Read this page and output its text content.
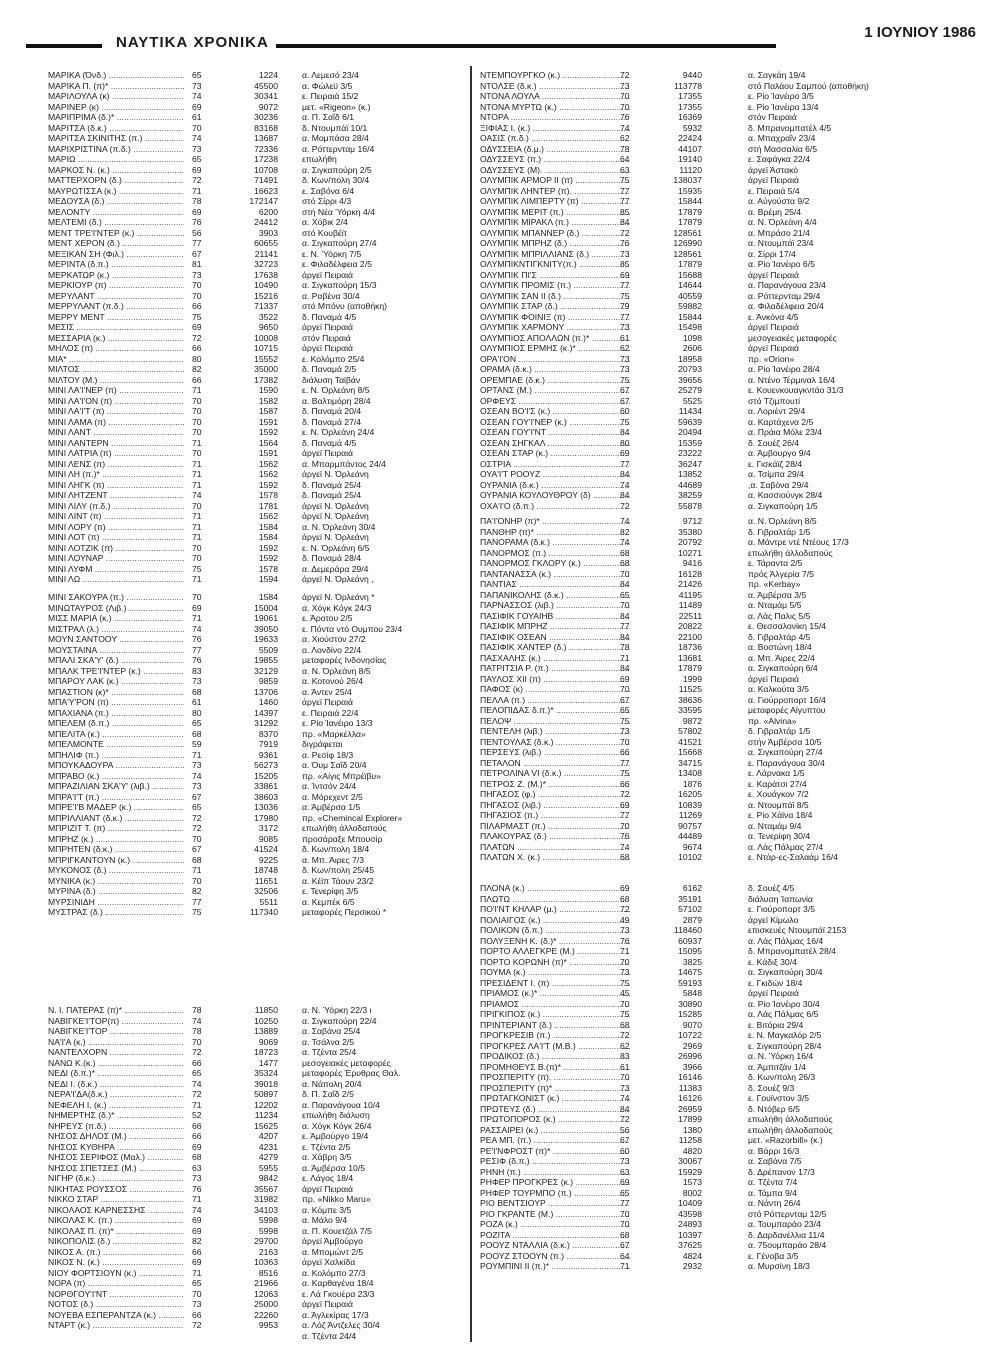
ΝΑΥΤΙΚΑ ΧΡΟΝΙΚΑ
1 ΙΟΥΝΙΟΥ 1986
ΜΑΡΙΚΑ (Όνδ.) .....	65	1224	α. Λεμεσό 23/4
ΜΑΡΙΚΑ Π. (π)* .....	73	45500	α. Φώλεϋ 3/5
ΜΑΡΙΛΟΥΛΑ (κ) .....	74	30341	ε. Πειραιά 15/2
ΜΑΡΙΝΕΡ (κ) .....	69	9072	μετ. «Rigeon» (κ.)
ΜΑΡΙΠΡΙΜΑ (δ.)* .....	61	30236	α. Π. Σαΐδ 6/1
ΜΑΡΙΤΣΑ (δ.κ.) .....	70	83168	δ. Ντουμπάϊ 10/1
ΜΑΡΙΤΣΑ ΣΚΙΝΙΤΗΣ (π.) .....	74	13687	α. Μομπάσα 28/4
ΜΑΡΙΧΡΙΣΤΙΝΑ (π.δ.) .....	73	72336	α. Ρόττερνταμ 16/4
ΜΑΡΙΩ .....	65	17238	επωλήθη
ΜΑΡΚΟΣ Ν. (κ.) .....	69	10708	α. Σιγκαπούρη 2/5
ΜΑΤΤΕΡΧΟΡΝ (δ.) .....	72	71491	δ. Κων/πολη 30/4
ΜΑΥΡΩΤΙΣΣΑ (κ.) .....	71	16623	ε. Σαβόνα 6/4
ΜΕΔΟΥΣΑ (δ.) .....	78	172147	στό Σίρρι 4/3
ΜΕΛΟΝΤΥ .....	69	6200	στή Νέα Ύόρκη 4/4
ΜΕΛΤΕΜΙ (δ.) .....	76	24412	α. Χόβικ 2/4
ΜΕΝΤ ΤΡΕ'Ι'ΝΤΕΡ (κ.) .....	56	3903	στό Κουβέϊτ
ΜΕΝΤ ΧΕΡΟΝ (δ.) .....	77	60655	α. Σιγκαπούρη 27/4
ΜΕΞΙΚΑΝ ΣΗ (Φιλ.) .....	67	21141	ε. Ν. Ύόρκη 7/5
ΜΕΡΙΝΤΑ (δ.π.) .....	81	32723	ε. Φιλαδέλφεια 2/5
ΜΕΡΚΑΤΩΡ (κ.) .....	73	17638	άργεϊ Πειραιά
ΜΕΡΚΙΟΥΡ (π) .....	70	10490	α. Σιγκαπούρη 15/3
ΜΕΡΥΛΑΝΤ .....	70	15216	α. Ραβένα 30/4
ΜΕΡΡΥΛΑΝΤ (π.δ.) .....	66	71337	στό Μπόνυ (αποθήκη)
ΜΕΡΡΥ ΜΕΝΤ .....	75	3522	δ. Παναμά 4/5
ΜΕΣΙΣ .....	69	9650	άργεϊ Πειραιά
ΜΕΣΣΑΡΙΑ (κ.) .....	72	10008	στόν Πειραιά
ΜΗΛΟΣ (π) .....	66	10715	άργεϊ Πειραιά
ΜΙΑ* .....	80	15552	ε. Κολόμπο 25/4
ΜΙΛΤΟΣ .....	82	35000	δ. Παναμά 2/5
ΜΙΛΤΟΥ (Μ.) .....	66	17382	διάλυση Ταϊβάν
ΜΙΝΙ ΛΑ'Ι'ΝΕΡ (π) .....	71	1590	ε. Ν. Όρλεάνη 8/5
ΜΙΝΙ ΛΑ'Ι'ΟΝ (π) .....	70	1582	α. Βαλτιμόρη 28/4
ΜΙΝΙ ΛΑ'Ι'Τ (π) .....	70	1587	δ. Παναμά 20/4
ΜΙΝΙ ΛΑΜΑ (π) .....	70	1591	δ. Παναμά 27/4
ΜΙΝΙ ΛΑΝΤ .....	70	1592	ε. Ν. Όρλεάνη 24/4
ΜΙΝΙ ΛΑΝΤΕΡΝ .....	71	1564	δ. Παναμά 4/5
ΜΙΝΙ ΛΑΤΡΙΑ (π) .....	70	1591	άργεϊ Πειραιά
ΜΙΝΙ ΛΕΝΣ (π) .....	71	1562	α. Μπαρμπάντος 24/4
ΜΙΝΙ ΛΗ (π.)* .....	71	1562	άργεϊ Ν. Όρλεάνη
ΜΙΝΙ ΛΗΓΚ (π) .....	71	1592	δ. Παναμά 25/4
ΜΙΝΙ ΛΗΤΖΕΝΤ .....	74	1578	δ. Παναμά 25/4
ΜΙΝΙ ΛΙΛΥ (π.δ.) .....	70	1781	άργεϊ Ν. Όρλεάνη
ΜΙΝΙ ΛΙΝΤ (π) .....	71	1562	άργεϊ Ν. Όρλεάνη
ΜΙΝΙ ΛΟΡΥ (π) .....	71	1584	α. Ν. Όρλεάνη 30/4
ΜΙΝΙ ΛΟΤ (π) .....	71	1584	άργεϊ Ν. Όρλεάνη
ΜΙΝΙ ΛΟΤΖΙΚ (π) .....	70	1592	ε. Ν. Όρλεάνη 6/5
ΜΙΝΙ ΛΟΥΝΑΡ .....	70	1592	δ. Παναμά 28/4
ΜΙΝΙ ΛΥΦΜ .....	75	1578	α. Δεμεράρα 29/4
ΜΙΝΙ ΛΩ .....	71	1594	άργεϊ Ν. Όρλεάνη ,
ΜΙΝΙ ΣΑΚΟΥΡΑ (π.) .....	70	1584	άργεϊ Ν. Όρλεάνη *
ΜΙΝΩΤΑΥΡΟΣ (Λιβ.) .....	69	15004	α. Χόγκ Κόγκ 24/3
ΜΙΣΣ ΜΑΡΙΑ (κ.) .....	71	19061	ε. Άροτου 2/5
ΜΙΣΤΡΑΛ (λ.) .....	74	39050	ε. Πόντα ντό Ουμπου 23/4
ΜΟΥΝ ΣΑΝΤΟΟΥ .....	76	19633	α. Χιούστον 27/2
ΜΟΥΣΤΑΙΝΑ .....	77	5509	α. Λονδίνο 22/4
ΜΠΑΛΙ ΣΚΑ'Υ' (δ.) .....	76	19855	μεταφορές Ινδονησίας
ΜΠΑΛΚ ΤΡΕ'Ι'ΝΤΕΡ (κ.) .....	83	32129	α. Ν. Όρλεάνη 8/5
ΜΠΑΡΟΥ ΛΑΚ (κ.) .....	73	9859	α. Κοτονού 26/4
ΜΠΑΣΤΙΟΝ (κ)* .....	68	13706	α. Άντεν 25/4
ΜΠΑ'Υ'ΡΟΝ (π) .....	61	1460	άργεϊ Πειραιά
ΜΠΑΧΙΑΝΑ (π.) .....	80	14397	ε. Πειραιά 22/4
ΜΠΕΛΕΜ (δ.π.) .....	65	31292	ε. Ρίο Ίανέιρο 13/3
ΜΠΕΛΙΤΑ (κ.) .....	68	8370	πρ. «Μαρκέλλα»
ΜΠΕΛΜΟΝΤΕ .....	59	7919	διγράφεται
ΜΠΗΛΙΦ (π.) .....	71	9361	α. Ρεσίφ 18/3
ΜΠΟΥΚΑΔΟΥΡΑ .....	73	56273	α. Όυμ Σαΐδ 20/4
ΜΠΡΑΒΟ (κ.) .....	74	15205	πρ. «Αίγις Μπρέϊβυ»
ΜΠΡΑΖΙΛΙΑΝ ΣΚΑ'Υ' (λιβ.) .....	73	33861	α. Ίντσόν 24/4
ΜΠΡΑ'Ι'Τ (π.) .....	67	38603	α. Μόρεχεντ 2/5
ΜΠΡΕ'Ι'Β ΜΑΔΕΡ (κ.) .....	65	13036	α. Άμβέρσα 1/5
ΜΠΡΙΛΛΙΑΝΤ (δ.κ.) .....	72	17980	πρ. «Chemincal Explorer»
ΜΠΡΙΖΙΤ Τ. (π) .....	72	3172	επωλήθη άλλοδαπούς
ΜΠΡΗΖ (κ.) .....	70	9085	προσάραξε Μπουσίρ
ΜΠΡΗΤΕΝ (δ.κ.) .....	67	41524	δ. Κων/πολη 18/4
ΜΠΡΙΓΚΑΝΤΟΥΝ (κ.) .....	68	9225	α. Μπ. Άιρες 7/3
ΜΥΚΟΝΟΣ (δ.) .....	71	18748	δ. Κων/πολη 25/45
ΜΥΝΙΚΑ (κ.) .....	70	11651	α. Κέϊπ Τάουν 23/2
ΜΥΡΙΝΑ (δ.) .....	82	32506	ε. Τενερίφη 3/5
ΜΥΡΣΙΝΙΔΗ .....	77	5511	α. Κεμπέκ 6/5
ΜΥΣΤΡΑΣ (δ.) .....	75	117340	μεταφορές Περσικού *
Ν. Ι. ΠΑΤΕΡΑΣ (π)* .....	78	11850	α. Ν. Ύόρκη 22/3 ι
ΝΑΒΙΓΚΕ'Ι'ΤΟΡ(π) .....	74	10250	α. Σιγκαπούρη 22/4
ΝΑΒΙΓΚΕ'Ι'ΤΟΡ .....	78	13889	α. Σαβάνα 25/4
ΝΑ'Ι'Α (κ.) .....	70	9069	α. Τσάλνα 2/5
ΝΑΝΤΕΛΧΟΡΝ .....	72	18723	α. Τζέντα 25/4
ΝΑΝΩ Κ.(κ.) .....	66	1477	μεσογειακές μεταφορές
ΝΕΔΙ (δ.π.)* .....	65	35324	μεταφορές Έρυθρας Θαλ.
ΝΕΔΙ Ι. (δ.κ.) .....	74	39018	α. Νάπολη 20/4
ΝΕΡΑ'Ι'ΔΑ(δ.κ.) .....	72	50897	δ. Π. Σαΐδ 2/5
ΝΕΦΕΛΗ Ι. (κ.) .....	71	12202	α. Παρανάγουα 10/4
ΝΗΜΕΡΤΗΣ (δ.)* .....	52	11234	επωλήθη διάλυση
ΝΗΡΕΥΣ (π.δ.) .....	66	15625	α. Χόγκ Κόγκ 26/4
ΝΗΣΟΣ ΔΗΛΟΣ (Μ.) .....	66	4207	ε. Άμβούργο 19/4
ΝΗΣΟΣ ΚΥΘΗΡΑ .....	69	4231	ε. Τζέντα 2/5
ΝΗΣΟΣ ΣΕΡΙΦΟΣ (Μαλ.) .....	68	4279	α. Χάβρη 3/5
ΝΗΣΟΣ ΣΠΕΤΣΕΣ (Μ.) .....	63	5955	α. Άμβέρσα 10/5
ΝΙΓΗΡ (δ.κ.) .....	73	9842	ε. Λάγος 18/4
ΝΙΚΗΤΑΣ ΡΟΥΣΣΟΣ .....	76	35567	άργεϊ Πειραιά
ΝΙΚΚΟ ΣΤΑΡ .....	71	31982	πρ. «Nikko Maru»
ΝΙΚΟΛΑΟΣ ΚΑΡΝΕΣΣΗΣ .....	74	34103	α. Κόμπε 3/5
ΝΙΚΟΛΑΣ Κ. (π.) .....	69	5998	α. Μάλο 9/4
ΝΙΚΟΛΑΣ Π. (π)* .....	69	5998	α. Π. Κουετζάλ 7/5
ΝΙΚΟΠΟΛΙΣ (δ.) .....	82	29700	άργεϊ Άμβούργο
ΝΙΚΟΣ Α. (π.) .....	66	2163	α. Μπομώντ 2/5
ΝΙΚΟΣ Ν. (κ.) .....	69	10363	άργεϊ Χαλκίδα
ΝΙΟΥ ΦΟΡΤΣΙΟΥΝ (κ.) .....	71	8516	α. Κολόμπο 27/3
ΝΟΡΑ (π) .....	65	21966	α. Καρθαγένα 18/4
ΝΟΡΘΓΟΥ'Ι'ΝΤ .....	70	12063	ε. Λά Γκουέρα 23/3
ΝΟΤΟΣ (δ.) .....	73	25000	άργεϊ Πειραιά
ΝΟΥΕΒΑ ΕΣΠΕΡΑΝΤΖΑ (κ.) .....	66	22260	α. Άγλεκίρας 17/3
ΝΤΑΡΤ (κ.) .....	72	9953	α. Λόζ Άντζελες 30/4
α. Τζέντα 24/4
ΝΤΕΜΠΟΥΡΓΚΟ (κ.) .....	72	9440	α. Σαγκάη 19/4
ΝΤΟΛΣΕ (δ.κ.) .....	73	113778	στό Παλάου Σαμπού (αποθήκη)
ΝΤΟΝΑ ΛΟΥΛΑ .....	70	17355	ε. Ρίο Ίανέιρο 3/5
ΝΤΟΝΑ ΜΥΡΤΩ (κ.) .....	70	17355	ε. Ρίο Ίανέιρο 13/4
ΝΤΟΡΑ .....	76	16369	στόν Πειραιά
ΞΙΦΙΑΣ Ι. (κ.) .....	74	5932	δ. Μπρανομπατέλ 4/5
ΟΑΣΙΣ (π.δ.) .....	62	22424	α. Μπαχραΐν 23/4
ΟΔΥΣΣΕΙΑ (δ.μ.) .....	78	44107	στή Μασσαλία 6/5
ΟΔΥΣΣΕΥΣ (π.) .....	64	19140	ε. Σαφάγκα 22/4
ΟΔΥΣΣΕΥΣ (Μ). .....	63	11120	άργεϊ Άστακό
ΟΛΥΜΠΙΚ ΑΡΜΟΡ ΙΙ (π) .....	75	138037	άργεϊ Πειραιά
ΟΛΥΜΠΙΚ ΛΗΝΤΕΡ (π). .....	77	15935	ε. Πειραιά 5/4
ΟΛΥΜΠΙΚ ΛΙΜΠΕΡΤΥ (π) .....	77	15844	α. Αύγούστα 9/2
ΟΛΥΜΠΙΚ ΜΕΡΙΤ (π.) .....	85	17879	α. Βρέμη 25/4
ΟΛΥΜΠΙΚ ΜΙΡΑΚΛ (π.) .....	84	17879	α. Ν. Όρλεάνη 4/4
ΟΛΥΜΠΙΚ ΜΠΑΝΝΕΡ (δ.) .....	72	128561	α. Μπράσο 21/4
ΟΛΥΜΠΙΚ ΜΠΡΗΖ (δ.) .....	76	126990	α. Ντουμπάϊ 23/4
ΟΛΥΜΠΙΚ ΜΠΡΙΛΛΙΑΝΣ (δ.) .....	73	128561	α. Σίρρι 17/4
ΟΛΥΜΠΙΚΝΤΙΓΚΝΙΤΥ(π.) .....	85	17879	α. Ρίο Ίανέιρο 6/5
ΟΛΥΜΠΙΚ ΠΙ'Σ .....	69	15688	άργεϊ Πειραιά
ΟΛΥΜΠΙΚ ΠΡΟΜΙΣ (π.) .....	77	14644	α. Παρανάγουα 23/4
ΟΛΥΜΠΙΚ ΣΑΝ ΙΙ (δ.) .....	75	40559	α. Ρόττερνταμ 29/4
ΟΛΥΜΠΙΚ ΣΤΑΡ (δ.) .....	79	59882	α. Φιλαδέλφεια 20/4
ΟΛΥΜΠΙΚ ΦΟΙΝΙΞ (π) .....	77	15844	ε. Άνκόνα 4/5
ΟΛΥΜΠΙΚ ΧΑΡΜΟΝΥ .....	73	15498	άργεϊ Πειραιά
ΟΛΥΜΠΙΟΣ ΑΠΟΛΛΩΝ (π.)* .....	61	1098	μεσογειακές μεταφορές
ΟΛΥΜΠΙΟΣ ΕΡΜΗΣ (κ.)* .....	62	2606	άργεϊ Πειραιά
ΟΡΑ'Ι'ΟΝ .....	73	18958	πρ. «Orion»
ΟΡΑΜΑ (δ.κ.) .....	73	20793	α. Ρίο Ίανέιρο 28/4
ΟΡΕΜΠΑΕ (δ.κ.) .....	75	39656	α. Ντένο Τέρμιναλ 16/4
ΟΡΤΑΝΣ (Μ.) .....	67	25279	ε. Κουενκουαγκντάο 31/3
ΟΡΦΕΥΣ .....	67	5525	στό Τζιμπουτί
ΟΣΕΑΝ ΒΟ'Ι'Σ (κ.) .....	60	11434	α. Λοριέντ 29/4
ΟΣΕΑΝ ΓΟΥ'Ι'ΝΕΡ (κ.) .....	75	59639	α. Καρτάχενα 2/5
ΟΣΕΑΝ ΓΟΥ'Ι'ΝΤ .....	84	20494	α. Πράια Μόλε 23/4
ΟΣΕΑΝ ΣΗΓΚΑΛ .....	80	15359	δ. Σουέζ 26/4
ΟΣΕΑΝ ΣΤΑΡ (κ.) .....	69	23222	α. Άμβουργο 9/4
ΟΣΤΡΙΑ .....	77	36247	ε. Γισκάϊζ 28/4
ΟΥΑ'Ι'Τ ΡΟΟΥΖ .....	84	13852	α. Τσίμπα 29/4
ΟΥΡΑΝΙΑ (δ.κ.) .....	74	44689	,α. Σαβόνα 29/4
ΟΥΡΑΝΙΑ ΚΟΥΛΟΥΘΡΟΥ (δ) .....	84	38259	α. Κασσιούνγκ 28/4
ΟΧΑ'Ι'Ο (δ.π.) .....	72	55878	α. Σιγκαπούρη 1/5
ΠΑ'Ι'ΟΝΗΡ (π)* .....	74	9712	α. Ν. Όρλεάνη 8/5
ΠΑΝΘΗΡ (π)* .....	82	35380	δ. Γιβραλτάρ 1/5
ΠΑΝΟΡΑΜΑ (δ.κ.) .....	74	20792	α. Μάντρε ντέ Ντέους 17/3
ΠΑΝΟΡΜΟΣ (π.) .....	68	10271	επωλήθη άλλοδαπούς
ΠΑΝΟΡΜΟΣ ΓΚΛΟΡΥ (κ.) .....	68	9416	ε. Τάραντα 2/5
ΠΑΝΤΑΝΑΣΣΑ (κ.) .....	70	16128	πρός Άλγερία 7/5
ΠΑΝΤΙΑΣ .....	84	21426	πρ. «Kerbay»
ΠΑΠΑΝΙΚΟΛΗΣ (δ.κ.) .....	65	41195	α. Άμβέρσα 3/5
ΠΑΡΝΑΣΣΟΣ (λιβ.) .....	70	11489	α. Νταμάμ 5/5
ΠΑΣΙΦΙΚ ΓΟΥΑΙΗΒ .....	84	22511	α. Λάς Παλις 5/5
ΠΑΣΙΦΙΚ ΜΠΡΗΖ .....	77	20822	ε. Θεσσαλονίκη 15/4
ΠΑΣΙΦΙΚ ΟΣΕΑΝ .....	84	22100	δ. Γιβραλτάρ 4/5
ΠΑΣΙΦΙΚ ΧΑΝΤΕΡ (δ.) .....	78	18736	α. Βοστώνη 18/4
ΠΑΣΧΑΛΗΣ (κ.) .....	71	13681	α. Μπ. Άιρες 22/4
ΠΑΤΡΙΤΣΙΑ Ρ. (π.) .....	84	17879	α. Σιγκαπούρη 6/4
ΠΑΥΛΟΣ ΧΙΙ (π) .....	69	1999	άργεϊ Πειραιά
ΠΑΦΟΣ (κ) .....	70	11525	α. Καλκούτα 3/5
ΠΕΛΛΑ (π.) .....	67	38636	α. Γιούρροπορτ 16/4
ΠΕΛΟΠΙΔΑΣ δ.π.)* .....	65	33595	μεταφορές Αίγυπτου
ΠΕΛΟΨ .....	75	9872	πρ. «Alvina»
ΠΕΝΤΕΛΗ (λιβ.) .....	73	57802	δ. Γιβραλτάρ 1/5
ΠΕΝΤΟΥΛΑΣ (δ.κ.) .....	70	41521	στήν Άμβέρσα 10/5
ΠΕΡΣΕΥΣ (λιβ.) .....	66	15668	α. Σιγκαπούρη 27/4
ΠΕΤΑΛΟΝ .....	77	34715	ε. Παρανάγουα 30/4
ΠΕΤΡΟΛΙΝΑ VI (δ.κ.) .....	75	13408	ε. Λάρνακα 1/5
ΠΕΤΡΟΣ Ζ. (Μ.)* .....	66	1876	ε. Καράτσι 27/4
ΠΗΓΑΣΟΣ (φ.) .....	72	16205	ε. Χουάγκον 7/2
ΠΗΓΑΣΟΣ (λιβ.) .....	69	10839	α. Ντουμπάϊ 8/5
ΠΗΓΑΣΙΟΣ (π.) .....	77	11269	ε. Ρίο Χάϊνα 18/4
ΠΙΛΑΡΜΑΣΤ (π.) .....	70	90757	α. Νταμάμ 9/4
ΠΛΑΚΟΥΡΑΣ (δ.) .....	76	44489	α. Τενερίφη 30/4
ΠΛΑΤΩΝ .....	74	9674	α. Λάς Πάλμας 27/4
ΠΛΑΤΩΝ Χ. (κ.) .....	68	10102	ε. Ντάρ-ες-Σαλαάμ 16/4
ΠΛΟΝΑ (κ.) .....	69	6162	δ. Σουέζ 4/5
ΠΛΩΤΩ .....	68	35191	διάλυση Ίαπωνία
ΠΟ'Ι'ΝΤ ΚΗΛΑΡ (μ.) .....	72	57102	ε. Γιούροπορτ 3/5
ΠΟΛΙΑΙΓΟΣ (κ.) .....	49	2879	άργεϊ Κίμωλο
ΠΟΛΙΚΟΝ (δ.π.) .....	73	118460	επισκευές Ντουμπάϊ 2153
ΠΟΛΥΞΕΝΗ Κ. (δ.)* .....	76	60937	α. Λάς Πάλμας 16/4
ΠΟΡΤΟ ΑΛΛΕΓΚΡΕ (Μ.) .....	71	15095	δ. Μπρανομπατέλ 28/4
ΠΟΡΤΟ ΚΟΡΩΝΗ (π)* .....	70	3825	ε. Κάδιξ 30/4
ΠΟΥΜΑ (κ.) .....	73	14675	α. Σιγκαπούρη 30/4
ΠΡΕΣΙΔΕΝΤ Ι. (π) .....	75	59193	ε. Γκιδών 18/4
ΠΡΙΑΜΟΣ (κ.)* .....	45	5848	άργεϊ Πειραιά
ΠΡΙΑΜΟΣ .....	70	30890	α. Ρίο Ίανέιρο 30/4
ΠΡΙΓΚΙΠΟΣ (κ.) .....	75	15285	α. Λάς Πάλμας 6/5
ΠΡΙΝΤΕΡΙΑΝΤ (δ.) .....	68	9070	ε. Βιτόρια 29/4
ΠΡΟΓΚΡΕΣΙΒ (π.) .....	72	10722	ε. Ν. Μαγκαλόρ 2/5
ΠΡΟΓΚΡΕΣ ΛΑ'Ι'Τ (Μ.Β.) .....	62	2969	ε. Σιγκαπούρη 28/4
ΠΡΟΔΙΚΟΣ (δ.) .....	83	26996	α. Ν. Ύόρκη 16/4
ΠΡΟΜΗΘΕΥΣ Β.(π)* .....	61	3966	α. Άμπιτζάν 1/4
ΠΡΟΣΠΕΡΙΤΥ (π). .....	70	16146	δ. Κων/πολη 26/3
ΠΡΟΣΠΕΡΙΤΥ (π)* .....	73	11383	δ. Σουέζ 9/3
ΠΡΩΤΑΓΚΟΝΙΣΤ (κ.) .....	74	16126	ε. Γουϊνστον 3/5
ΠΡΩΤΕΥΣ (δ.) .....	84	26959	δ. Ντόβερ 6/5
ΠΡΩΤΟΠΟΡΟΣ (κ.) .....	72	17899	επωλήθη άλλοδαπούς
ΡΑΣΣΑΙΡΕΙ (κ.) .....	56	1380	επωλήθη άλλοδαπούς
ΡΕΑ ΜΠ. (π.) .....	67	11258	μετ. «Razorbill» (κ.)
ΡΕ'Ι'ΝΦΡΟΣΤ (π)* .....	60	4820	α. Βάρρι 16/3
ΡΕΣΙΦ (δ.π.) .....	73	30067	α. Σαβάνα 7/5
ΡΗΝΗ (π.) .....	63	15929	δ. Δρέπανον 17/3
ΡΗΦΕΡ ΠΡΟΓΚΡΕΣ (κ.) .....	69	1573	α. Τζέντα 7/4
ΡΗΦΕΡ ΤΟΥΡΜΠΟ (π.) .....	65	8002	α. Τάμπα 9/4
ΡΙΟ ΒΕΝΤΣΙΟΥΡ .....	77	10409	α. Νάντη 26/4
ΡΙΟ ΓΚΡΑΝΤΕ (Μ.) .....	70	43598	στό Ρόττερνταμ 12/5
ΡΟΖΑ (κ.) .....	70	24893	α. Τουμπαράο 23/4
ΡΟΖΙΤΑ .....	68	10397	δ. Δαρδανέλλια 11/4
ΡΟΟΥΖ ΝΤΑΛΛΙΑ (δ.κ.) .....	67	37625	α. 75ουμπαράο 28/4
ΡΟΟΥΖ ΣΤΟΟΥΝ (π.) .....	64	4824	ε. Γένοβα 3/5
ΡΟΥΜΠΙΝΙ ΙΙ (π.)* .....	71	2932	α. Μυρσίνη 18/3
